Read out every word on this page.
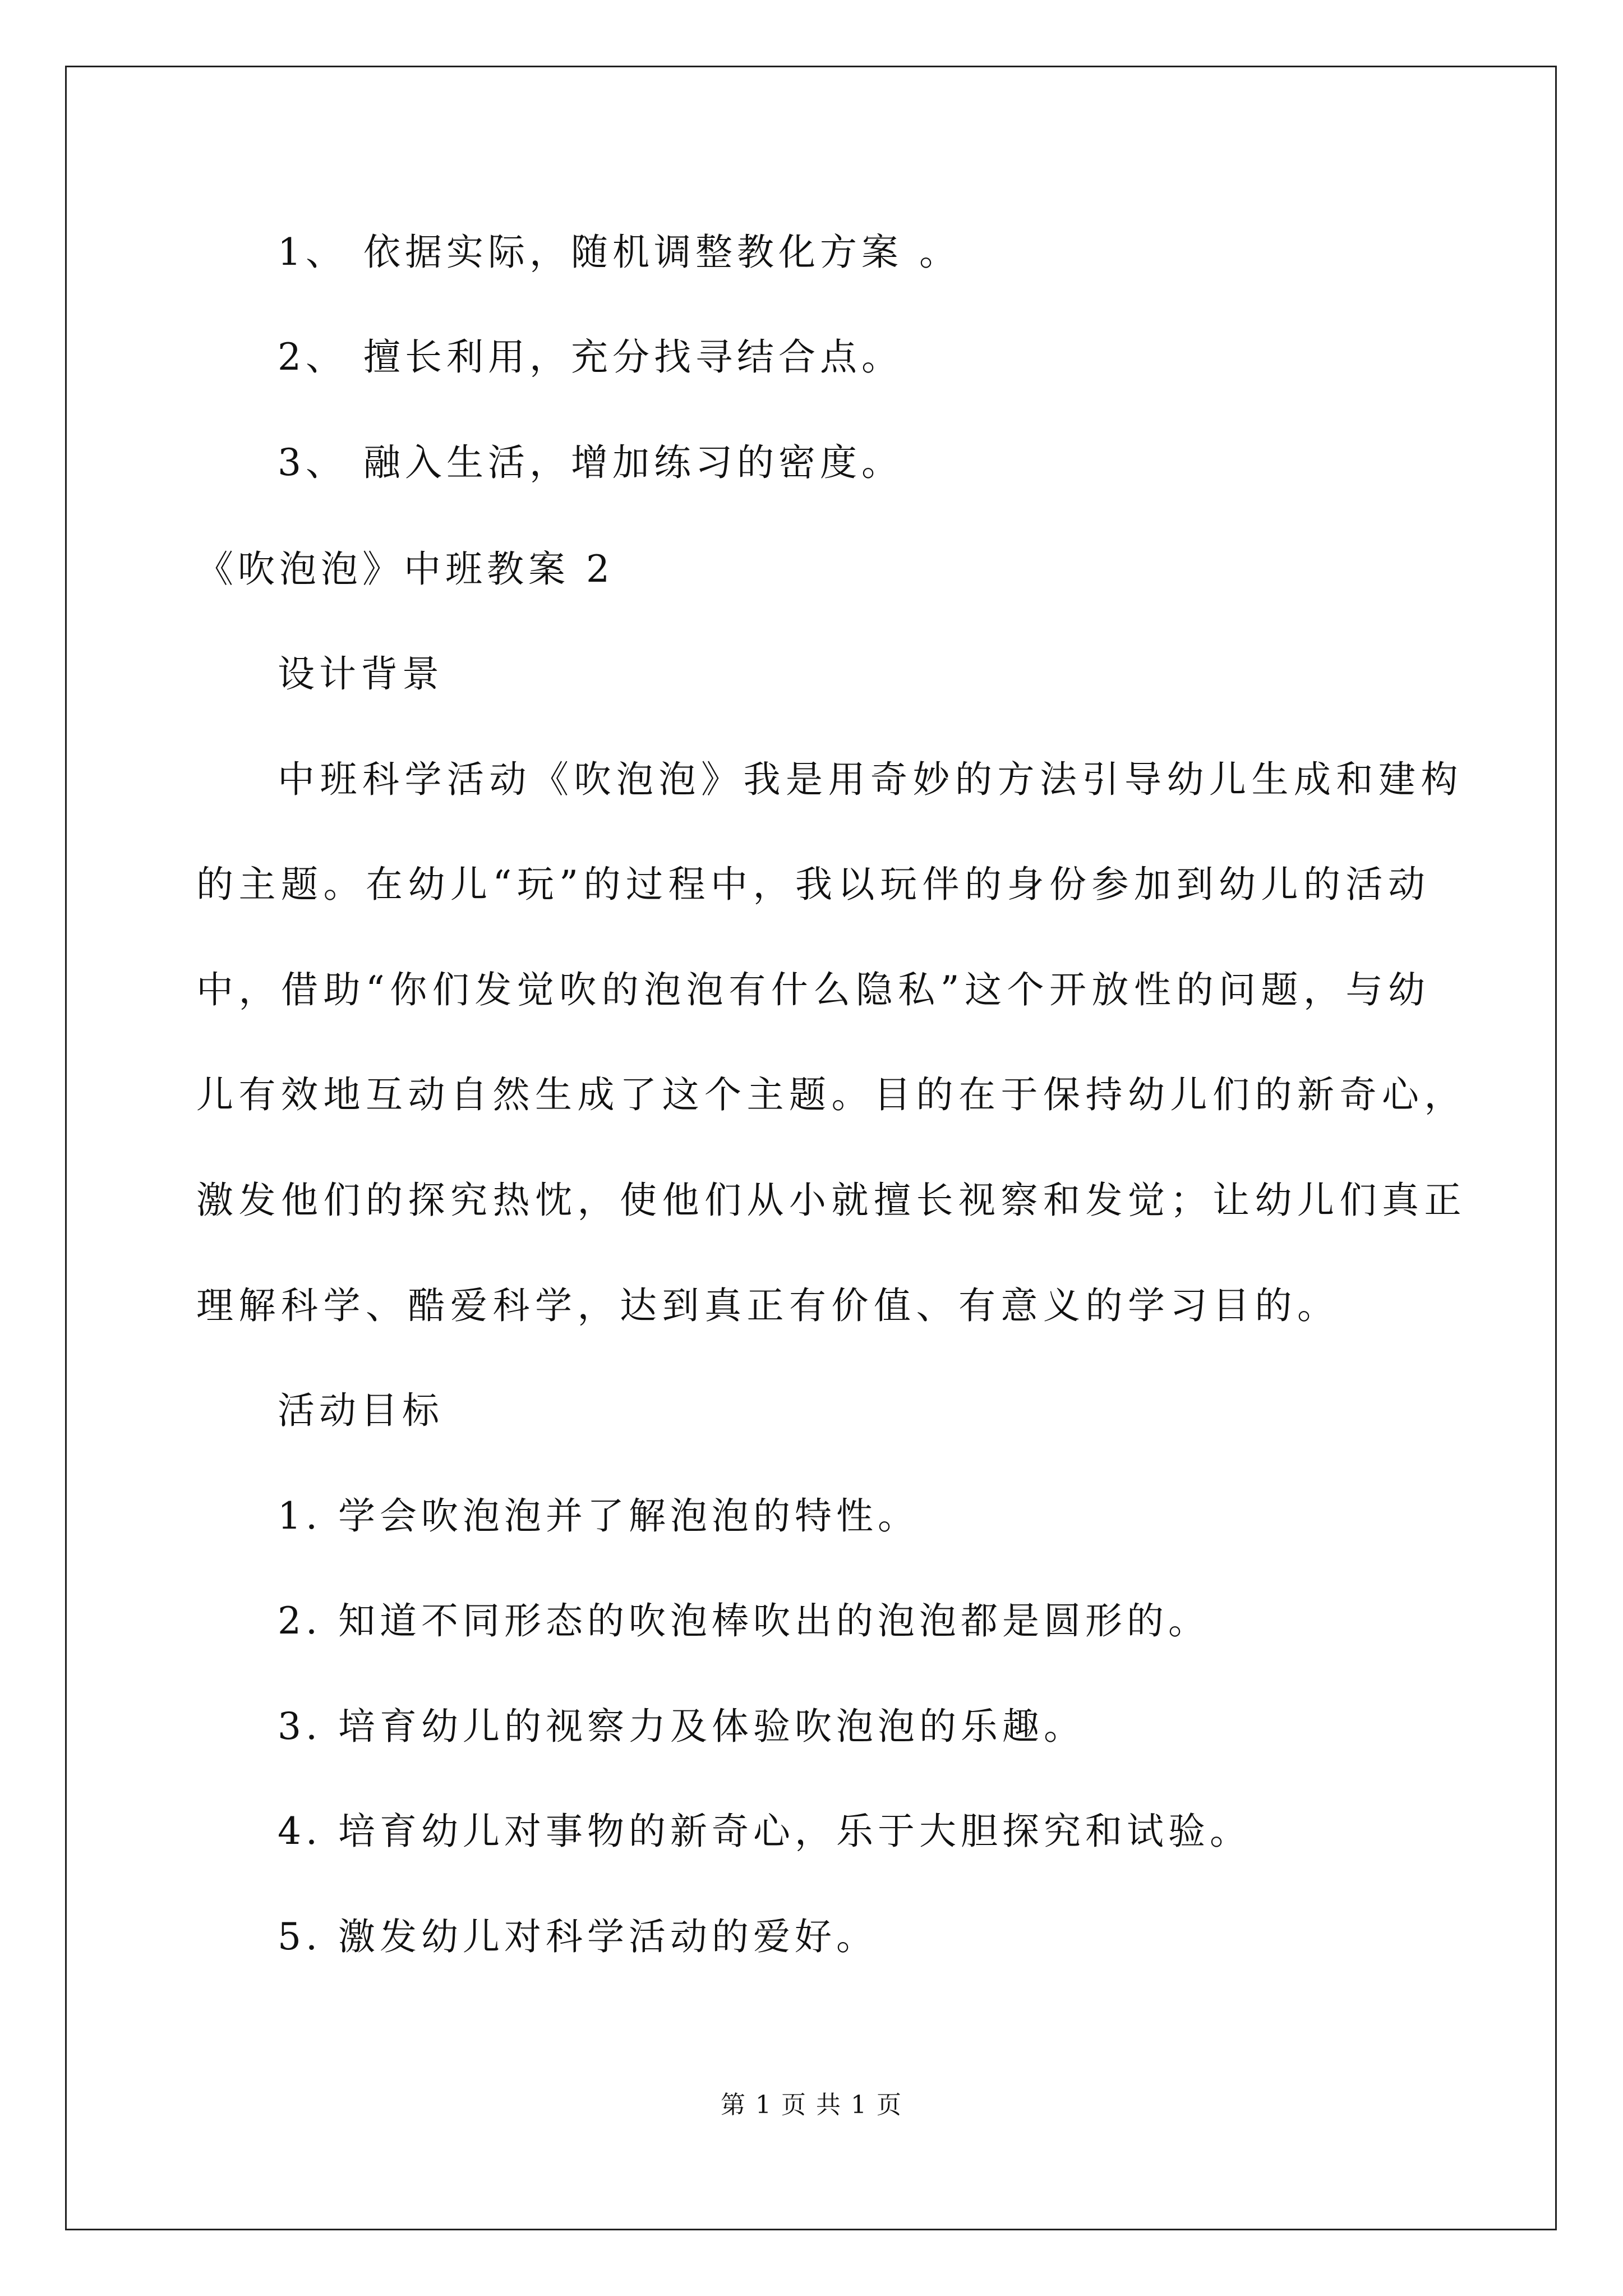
1、 依据实际，随机调整教化方案 。
2、 擅长利用，充分找寻结合点。
3、 融入生活，增加练习的密度。
《吹泡泡》中班教案 2
设计背景
中班科学活动《吹泡泡》我是用奇妙的方法引导幼儿生成和建构
的主题。在幼儿“玩”的过程中，我以玩伴的身份参加到幼儿的活动
中，借助“你们发觉吹的泡泡有什么隐私”这个开放性的问题，与幼
儿有效地互动自然生成了这个主题。目的在于保持幼儿们的新奇心，
激发他们的探究热忱，使他们从小就擅长视察和发觉；让幼儿们真正
理解科学、酷爱科学，达到真正有价值、有意义的学习目的。
活动目标
1. 学会吹泡泡并了解泡泡的特性。
2. 知道不同形态的吹泡棒吹出的泡泡都是圆形的。
3. 培育幼儿的视察力及体验吹泡泡的乐趣。
4. 培育幼儿对事物的新奇心，乐于大胆探究和试验。
5. 激发幼儿对科学活动的爱好。
第 1 页 共 1 页
